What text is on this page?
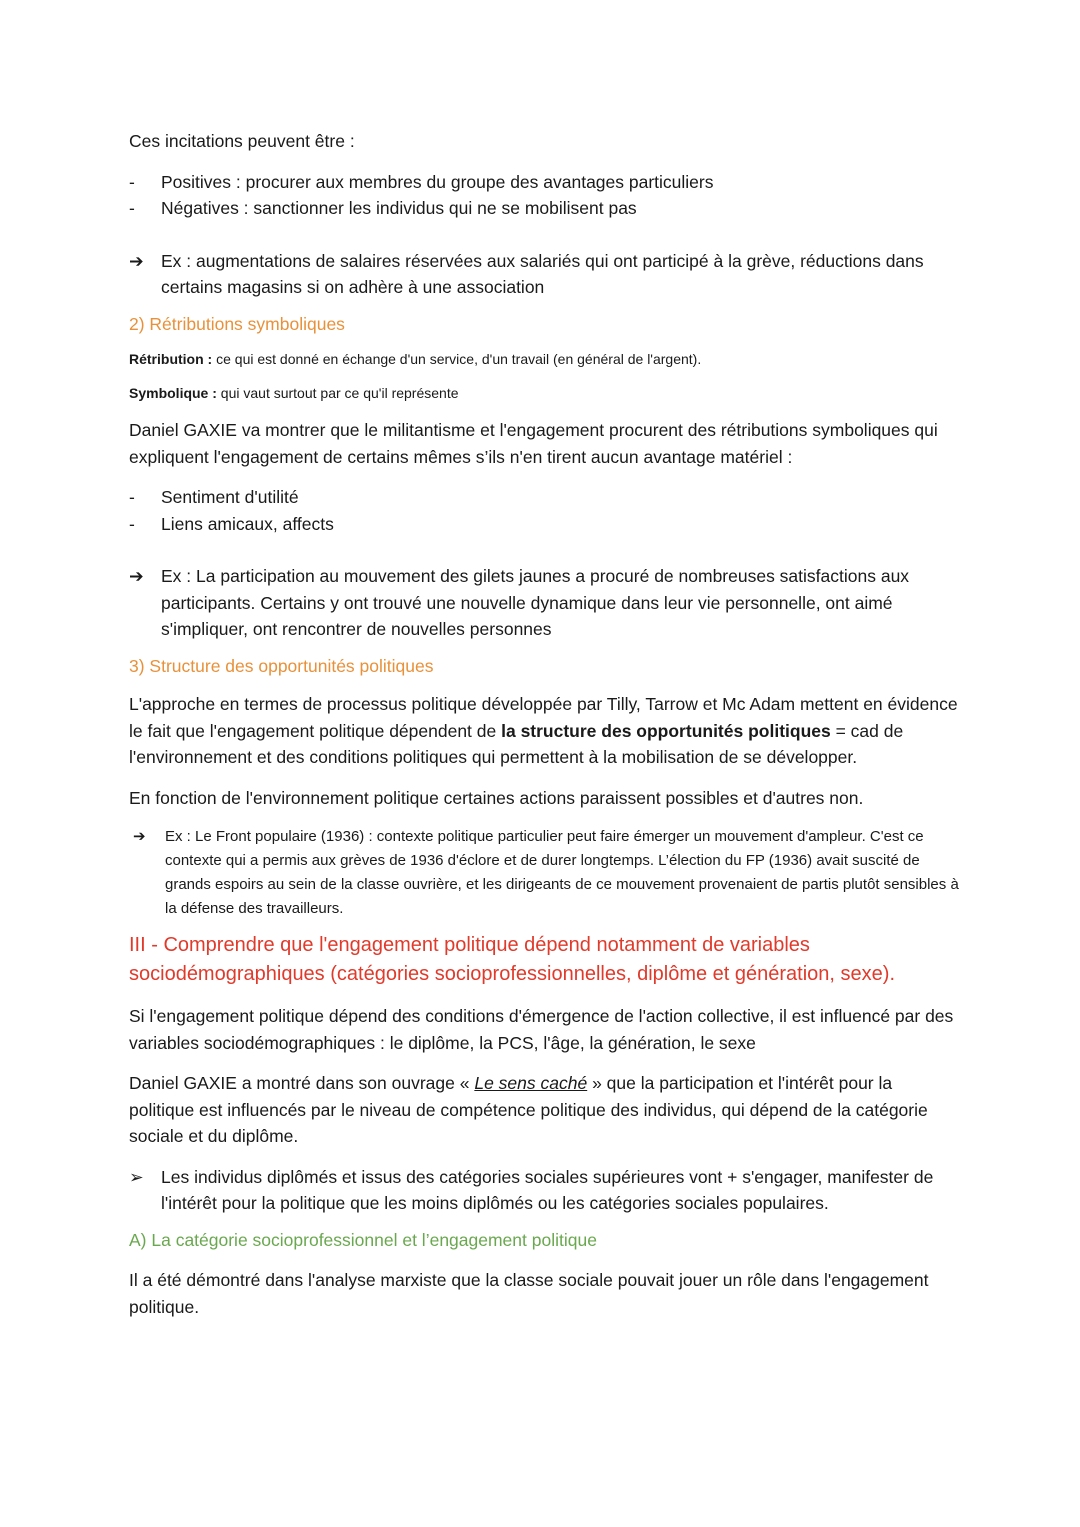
Ces incitations peuvent être :

- Positives : procurer aux membres du groupe des avantages particuliers
- Négatives : sanctionner les individus qui ne se mobilisent pas
➔ Ex : augmentations de salaires réservées aux salariés qui ont participé à la grève, réductions dans certains magasins si on adhère à une association
2) Rétributions symboliques

Rétribution : ce qui est donné en échange d'un service, d'un travail (en général de l'argent).

Symbolique : qui vaut surtout par ce qu'il représente

Daniel GAXIE va montrer que le militantisme et l'engagement procurent des rétributions symboliques qui expliquent l'engagement de certains mêmes s’ils n'en tirent aucun avantage matériel :

- Sentiment d'utilité
- Liens amicaux, affects
➔ Ex : La participation au mouvement des gilets jaunes a procuré de nombreuses satisfactions aux participants. Certains y ont trouvé une nouvelle dynamique dans leur vie personnelle, ont aimé s'impliquer, ont rencontrer de nouvelles personnes
3) Structure des opportunités politiques

L'approche en termes de processus politique développée par Tilly, Tarrow et Mc Adam mettent en évidence le fait que l'engagement politique dépendent de la structure des opportunités politiques = cad de l'environnement et des conditions politiques qui permettent à la mobilisation de se développer.

En fonction de l'environnement politique certaines actions paraissent possibles et d'autres non.

➔ Ex : Le Front populaire (1936) : contexte politique particulier peut faire émerger un mouvement d'ampleur. C'est ce contexte qui a permis aux grèves de 1936 d'éclore et de durer longtemps. L’élection du FP (1936) avait suscité de grands espoirs au sein de la classe ouvrière, et les dirigeants de ce mouvement provenaient de partis plutôt sensibles à la défense des travailleurs.
III - Comprendre que l'engagement politique dépend notamment de variables sociodémographiques (catégories socioprofessionnelles, diplôme et génération, sexe).

Si l'engagement politique dépend des conditions d'émergence de l'action collective, il est influencé par des variables sociodémographiques : le diplôme, la PCS, l'âge, la génération, le sexe

Daniel GAXIE a montré dans son ouvrage « Le sens caché » que la participation et l'intérêt pour la politique est influencés par le niveau de compétence politique des individus, qui dépend de la catégorie sociale et du diplôme.

➢ Les individus diplômés et issus des catégories sociales supérieures vont + s'engager, manifester de l'intérêt pour la politique que les moins diplômés ou les catégories sociales populaires.
A) La catégorie socioprofessionnel et l’engagement politique

Il a été démontré dans l'analyse marxiste que la classe sociale pouvait jouer un rôle dans l'engagement politique.
